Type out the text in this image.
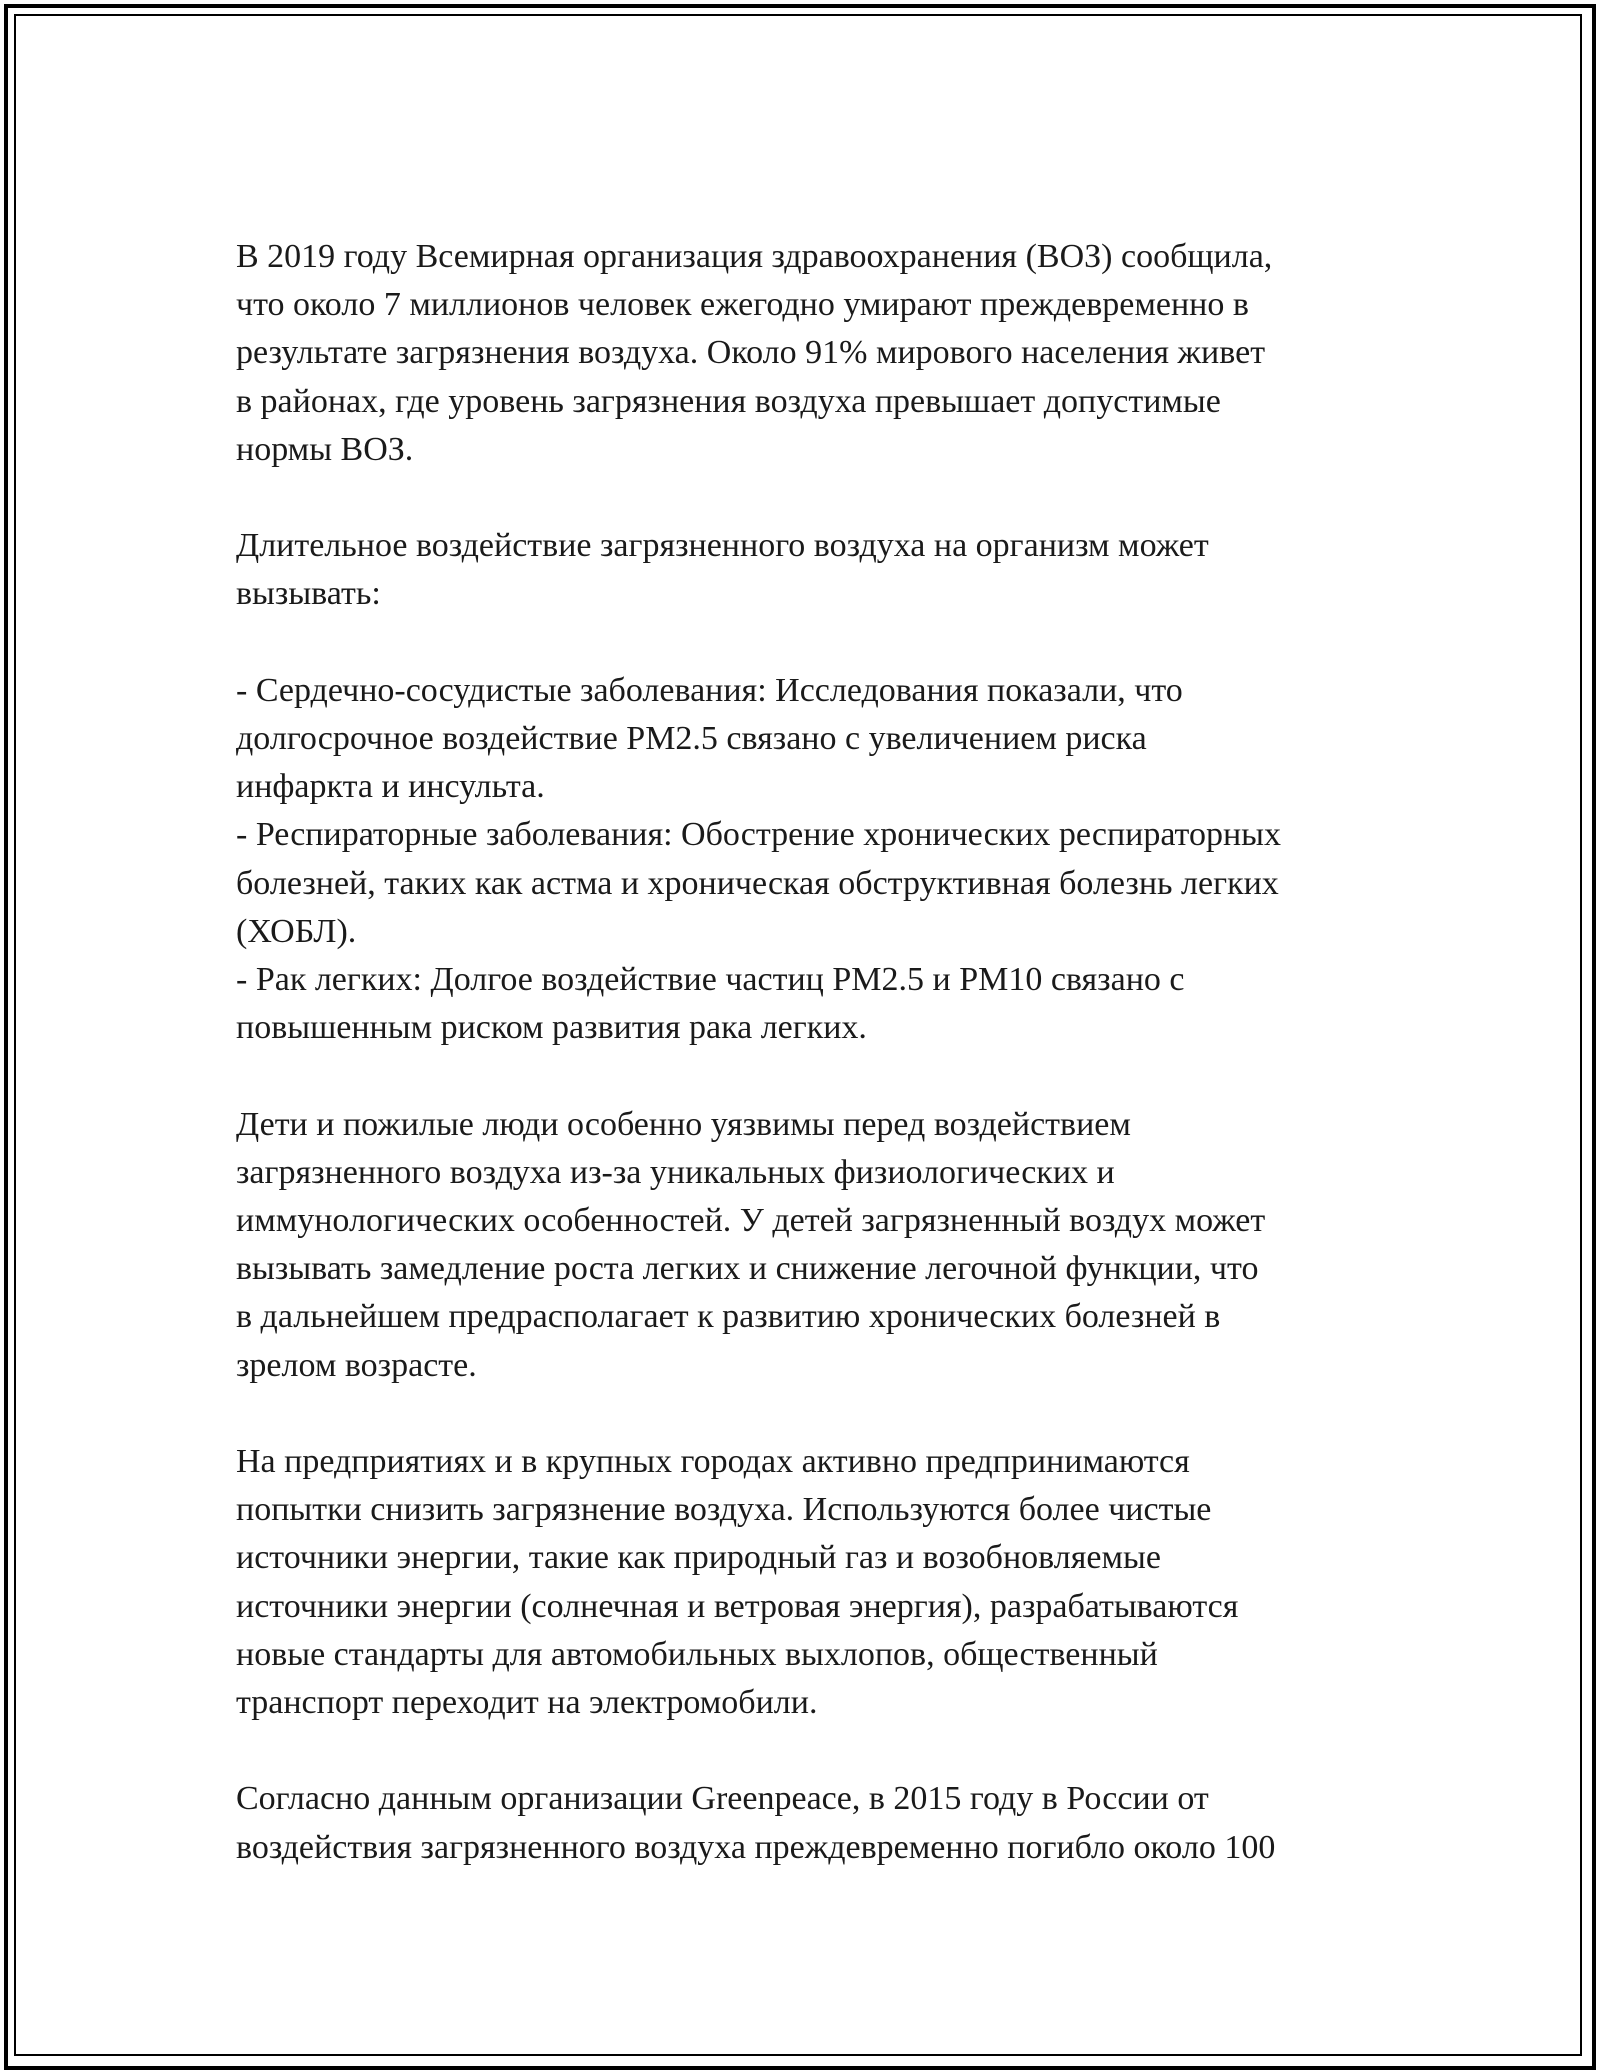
В 2019 году Всемирная организация здравоохранения (ВОЗ) сообщила,
что около 7 миллионов человек ежегодно умирают преждевременно в
результате загрязнения воздуха. Около 91% мирового населения живет
в районах, где уровень загрязнения воздуха превышает допустимые
нормы ВОЗ.

Длительное воздействие загрязненного воздуха на организм может
вызывать:

- Сердечно-сосудистые заболевания: Исследования показали, что
долгосрочное воздействие PM2.5 связано с увеличением риска
инфаркта и инсульта.
- Респираторные заболевания: Обострение хронических респираторных
болезней, таких как астма и хроническая обструктивная болезнь легких
(ХОБЛ).
- Рак легких: Долгое воздействие частиц PM2.5 и PM10 связано с
повышенным риском развития рака легких.

Дети и пожилые люди особенно уязвимы перед воздействием
загрязненного воздуха из-за уникальных физиологических и
иммунологических особенностей. У детей загрязненный воздух может
вызывать замедление роста легких и снижение легочной функции, что
в дальнейшем предрасполагает к развитию хронических болезней в
зрелом возрасте.

На предприятиях и в крупных городах активно предпринимаются
попытки снизить загрязнение воздуха. Используются более чистые
источники энергии, такие как природный газ и возобновляемые
источники энергии (солнечная и ветровая энергия), разрабатываются
новые стандарты для автомобильных выхлопов, общественный
транспорт переходит на электромобили.

Согласно данным организации Greenpeace, в 2015 году в России от
воздействия загрязненного воздуха преждевременно погибло около 100
